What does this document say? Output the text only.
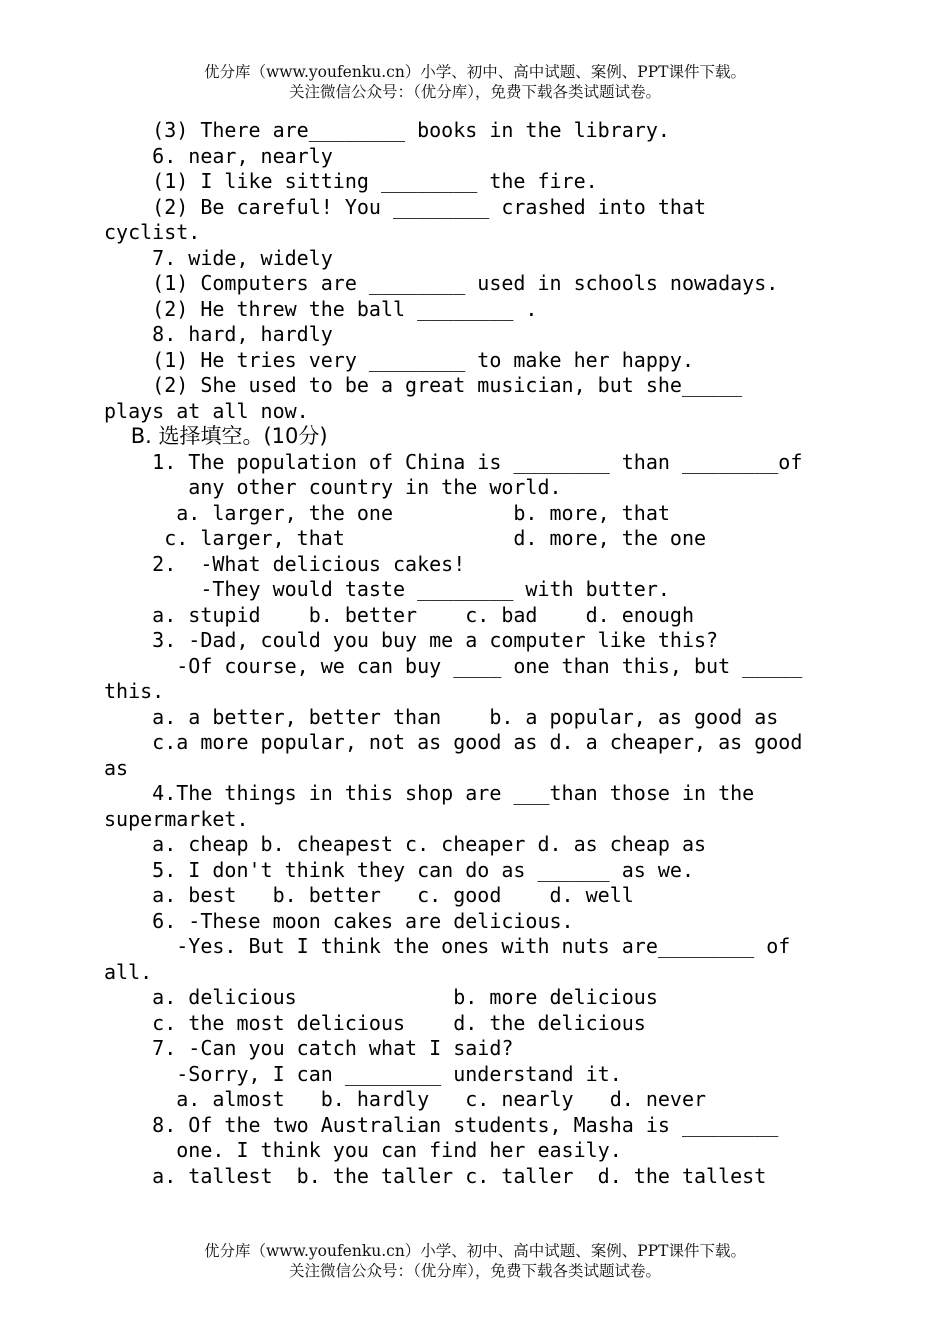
优分库（www.youfenku.cn）小学、初中、高中试题、案例、PPT课件下载。
关注微信公众号：（优分库），免费下载各类试题试卷。
(3) There are________ books in the library.
6. near, nearly
(1) I like sitting ________ the fire.
(2) Be careful! You ________ crashed into that
cyclist.
7. wide, widely
(1) Computers are ________ used in schools nowadays.
(2) He threw the ball ________ .
8. hard, hardly
(1) He tries very ________ to make her happy.
(2) She used to be a great musician, but she_____
plays at all now.
B. 选择填空。(10分)
1. The population of China is ________ than ________of
any other country in the world.
a. larger, the one          b. more, that
c. larger, that              d. more, the one
2.  -What delicious cakes!
-They would taste ________ with butter.
a. stupid    b. better    c. bad    d. enough
3. -Dad, could you buy me a computer like this?
-Of course, we can buy ____ one than this, but _____
this.
a. a better, better than    b. a popular, as good as
c.a more popular, not as good as d. a cheaper, as good
as
4.The things in this shop are ___than those in the
supermarket.
a. cheap b. cheapest c. cheaper d. as cheap as
5. I don't think they can do as ______ as we.
a. best   b. better   c. good    d. well
6. -These moon cakes are delicious.
-Yes. But I think the ones with nuts are________ of
all.
a. delicious             b. more delicious
c. the most delicious    d. the delicious
7. -Can you catch what I said?
-Sorry, I can ________ understand it.
a. almost   b. hardly   c. nearly   d. never
8. Of the two Australian students, Masha is ________
one. I think you can find her easily.
a. tallest  b. the taller c. taller  d. the tallest
优分库（www.youfenku.cn）小学、初中、高中试题、案例、PPT课件下载。
关注微信公众号：（优分库），免费下载各类试题试卷。
